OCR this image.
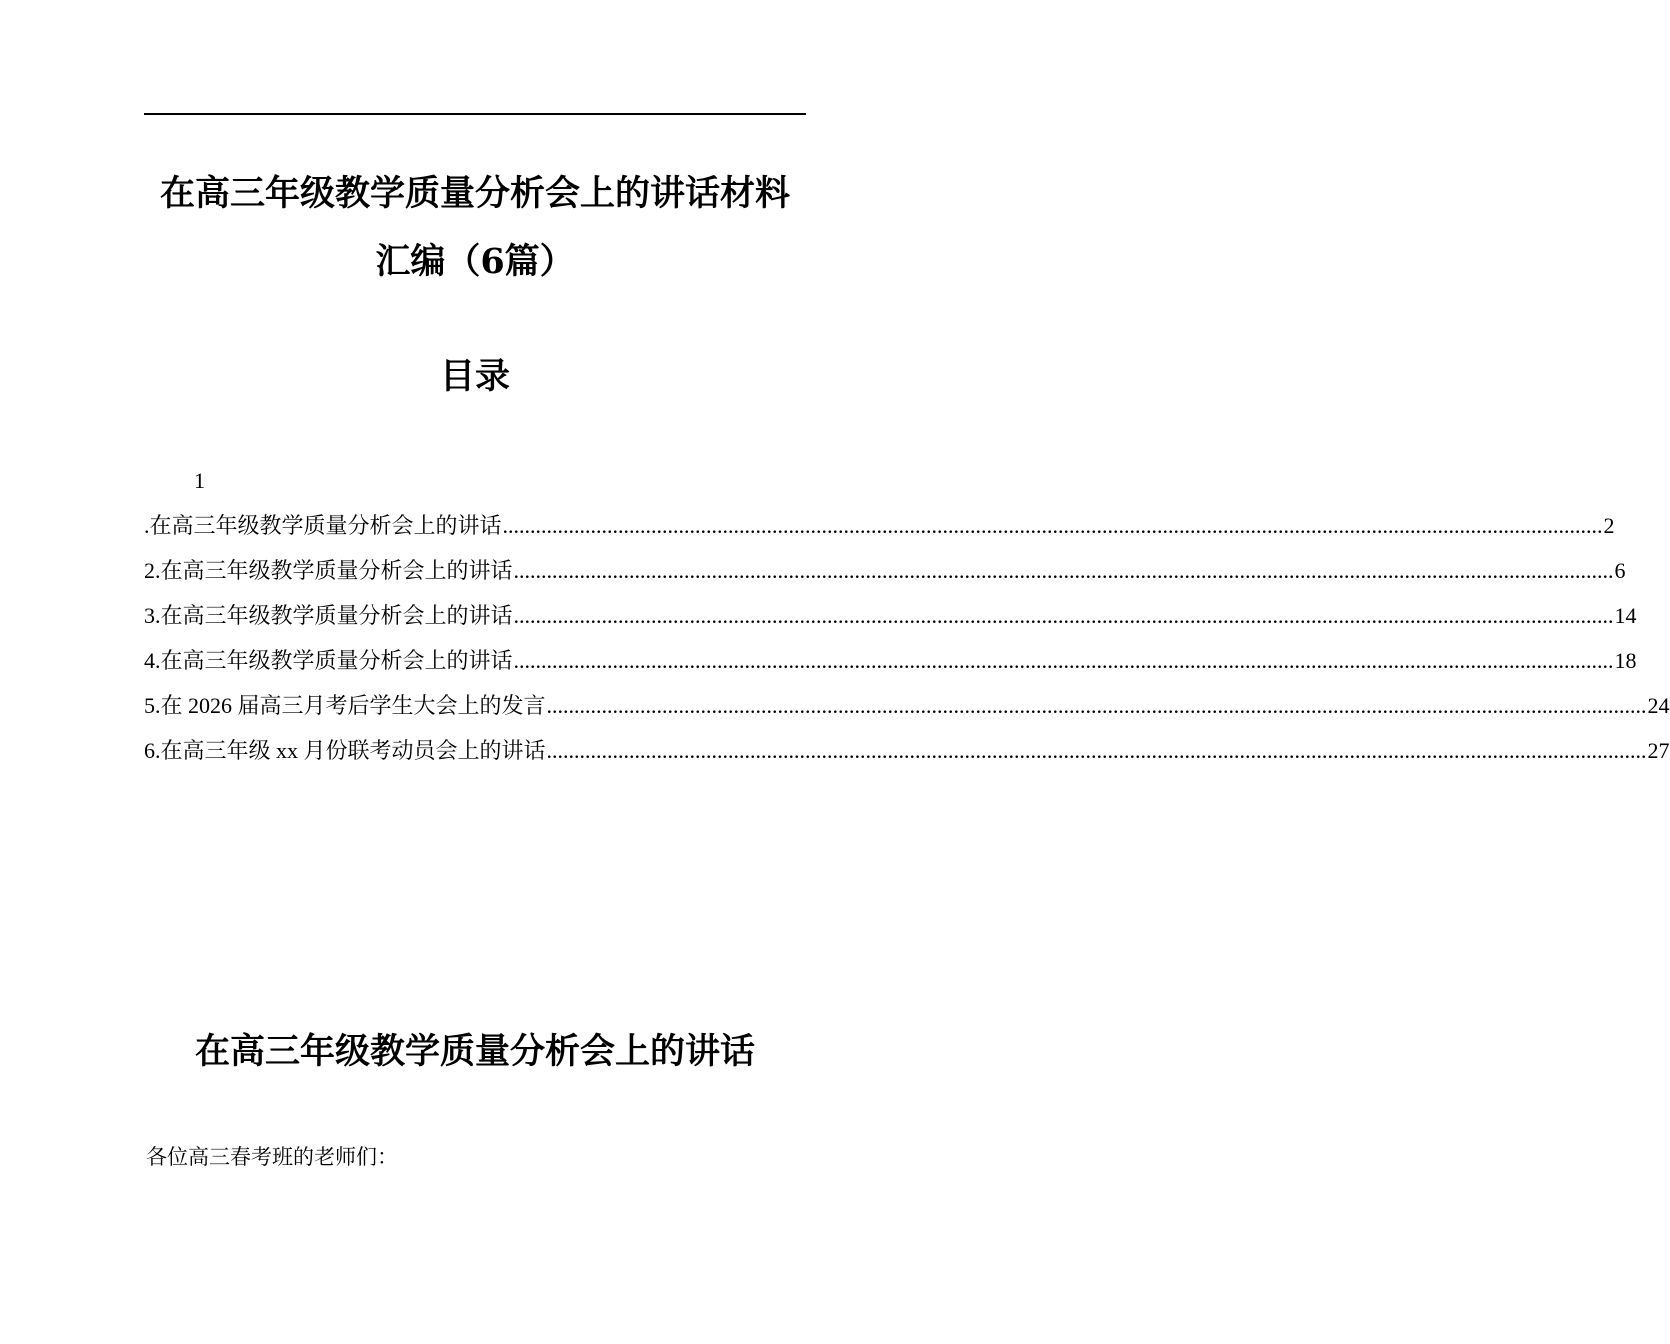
在高三年级教学质量分析会上的讲话材料
汇编（6篇）
目录
1
.在高三年级教学质量分析会上的讲话 ........................................................................................................................................................................................................ 2
2.在高三年级教学质量分析会上的讲话 ........................................................................................................................................................................................................ 6
3.在高三年级教学质量分析会上的讲话 ........................................................................................................................................................................................................ 14
4.在高三年级教学质量分析会上的讲话 ........................................................................................................................................................................................................ 18
5.在 2026 届高三月考后学生大会上的发言 ........................................................................................................................................................................................................ 24
6.在高三年级 xx 月份联考动员会上的讲话 ........................................................................................................................................................................................................ 27
在高三年级教学质量分析会上的讲话
各位高三春考班的老师们：
